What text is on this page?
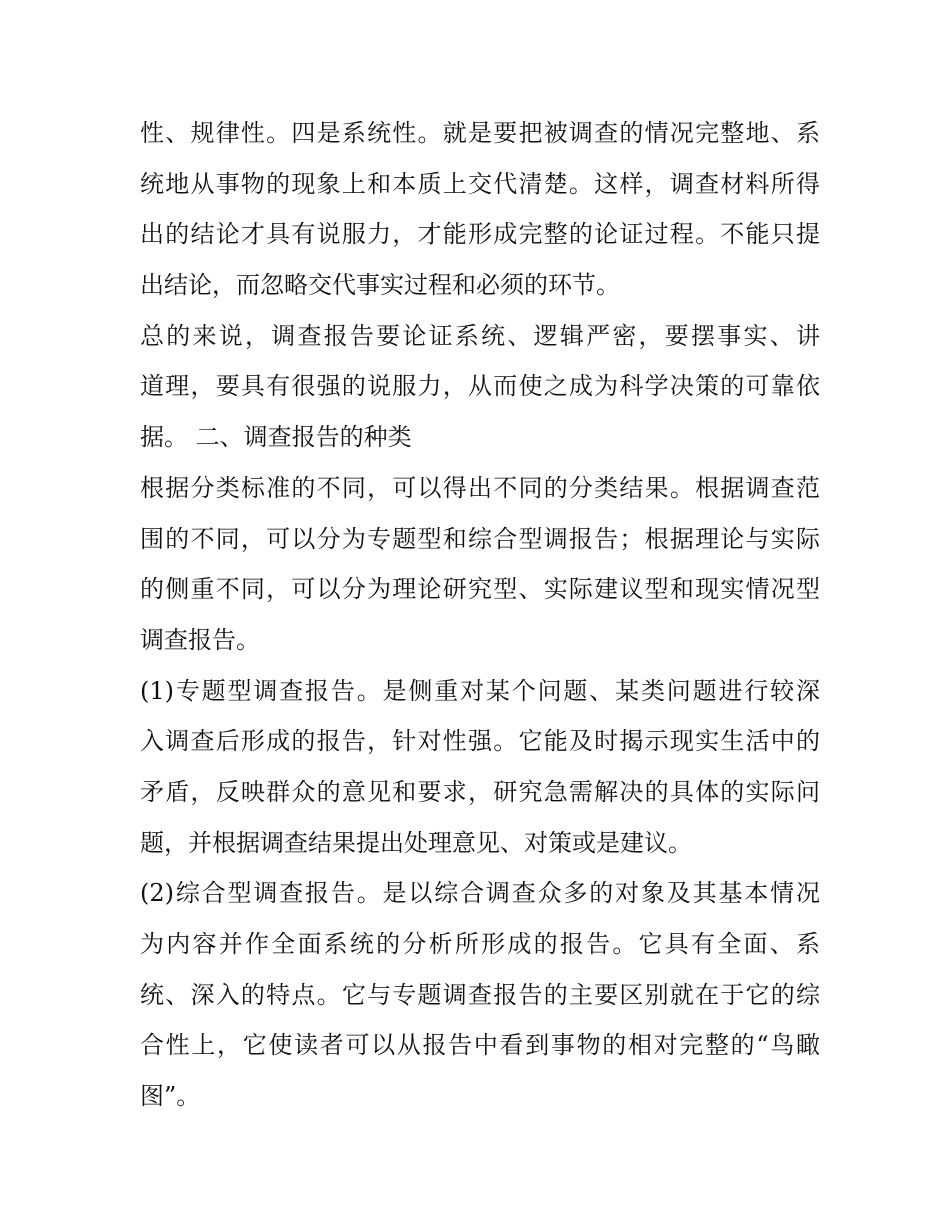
性、规律性。四是系统性。就是要把被调查的情况完整地、系
统地从事物的现象上和本质上交代清楚。这样，调查材料所得
出的结论才具有说服力，才能形成完整的论证过程。不能只提
出结论，而忽略交代事实过程和必须的环节。
总的来说，调查报告要论证系统、逻辑严密，要摆事实、讲
道理，要具有很强的说服力，从而使之成为科学决策的可靠依
据。 二、调查报告的种类
根据分类标准的不同，可以得出不同的分类结果。根据调查范
围的不同，可以分为专题型和综合型调报告；根据理论与实际
的侧重不同，可以分为理论研究型、实际建议型和现实情况型
调查报告。
(1)专题型调查报告。是侧重对某个问题、某类问题进行较深
入调查后形成的报告，针对性强。它能及时揭示现实生活中的
矛盾，反映群众的意见和要求，研究急需解决的具体的实际问
题，并根据调查结果提出处理意见、对策或是建议。
(2)综合型调查报告。是以综合调查众多的对象及其基本情况
为内容并作全面系统的分析所形成的报告。它具有全面、系
统、深入的特点。它与专题调查报告的主要区别就在于它的综
合性上，它使读者可以从报告中看到事物的相对完整的“鸟瞰
图”。
